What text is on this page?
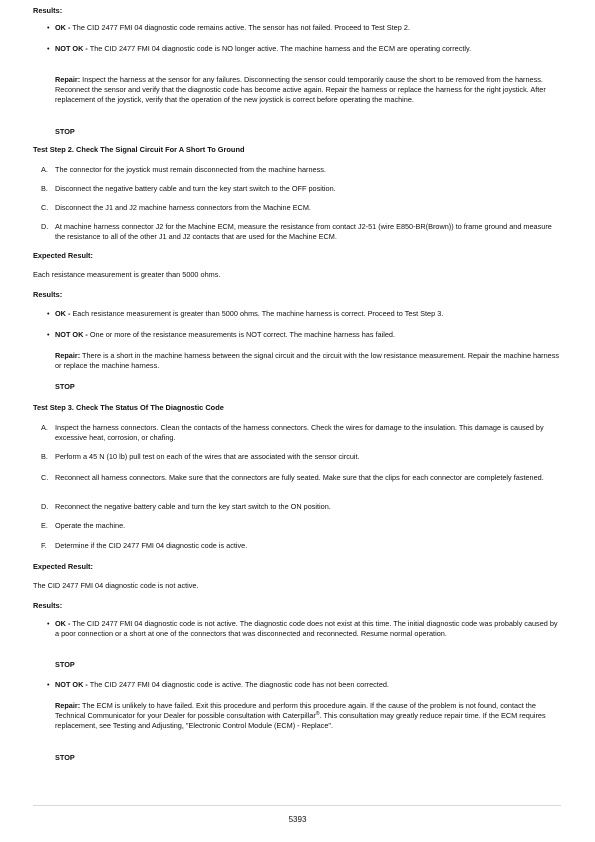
Results:
• OK - The CID 2477 FMI 04 diagnostic code remains active. The sensor has not failed. Proceed to Test Step 2.
• NOT OK - The CID 2477 FMI 04 diagnostic code is NO longer active. The machine harness and the ECM are operating correctly.
Repair: Inspect the harness at the sensor for any failures. Disconnecting the sensor could temporarily cause the short to be removed from the harness. Reconnect the sensor and verify that the diagnostic code has become active again. Repair the harness or replace the harness for the right joystick. After replacement of the joystick, verify that the operation of the new joystick is correct before operating the machine.
STOP
Test Step 2. Check The Signal Circuit For A Short To Ground
A. The connector for the joystick must remain disconnected from the machine harness.
B. Disconnect the negative battery cable and turn the key start switch to the OFF position.
C. Disconnect the J1 and J2 machine harness connectors from the Machine ECM.
D. At machine harness connector J2 for the Machine ECM, measure the resistance from contact J2-51 (wire E850-BR(Brown)) to frame ground and measure the resistance to all of the other J1 and J2 contacts that are used for the Machine ECM.
Expected Result:
Each resistance measurement is greater than 5000 ohms.
Results:
• OK - Each resistance measurement is greater than 5000 ohms. The machine harness is correct. Proceed to Test Step 3.
• NOT OK - One or more of the resistance measurements is NOT correct. The machine harness has failed.
Repair: There is a short in the machine harness between the signal circuit and the circuit with the low resistance measurement. Repair the machine harness or replace the machine harness.
STOP
Test Step 3. Check The Status Of The Diagnostic Code
A. Inspect the harness connectors. Clean the contacts of the harness connectors. Check the wires for damage to the insulation. This damage is caused by excessive heat, corrosion, or chafing.
B. Perform a 45 N (10 lb) pull test on each of the wires that are associated with the sensor circuit.
C. Reconnect all harness connectors. Make sure that the connectors are fully seated. Make sure that the clips for each connector are completely fastened.
D. Reconnect the negative battery cable and turn the key start switch to the ON position.
E. Operate the machine.
F.	Determine if the CID 2477 FMI 04 diagnostic code is active.
Expected Result:
The CID 2477 FMI 04 diagnostic code is not active.
Results:
• OK - The CID 2477 FMI 04 diagnostic code is not active. The diagnostic code does not exist at this time. The initial diagnostic code was probably caused by a poor connection or a short at one of the connectors that was disconnected and reconnected. Resume normal operation.
STOP
• NOT OK - The CID 2477 FMI 04 diagnostic code is active. The diagnostic code has not been corrected.
Repair: The ECM is unlikely to have failed. Exit this procedure and perform this procedure again. If the cause of the problem is not found, contact the Technical Communicator for your Dealer for possible consultation with Caterpillar®. This consultation may greatly reduce repair time. If the ECM requires replacement, see Testing and Adjusting, "Electronic Control Module (ECM) - Replace".
STOP
5393
